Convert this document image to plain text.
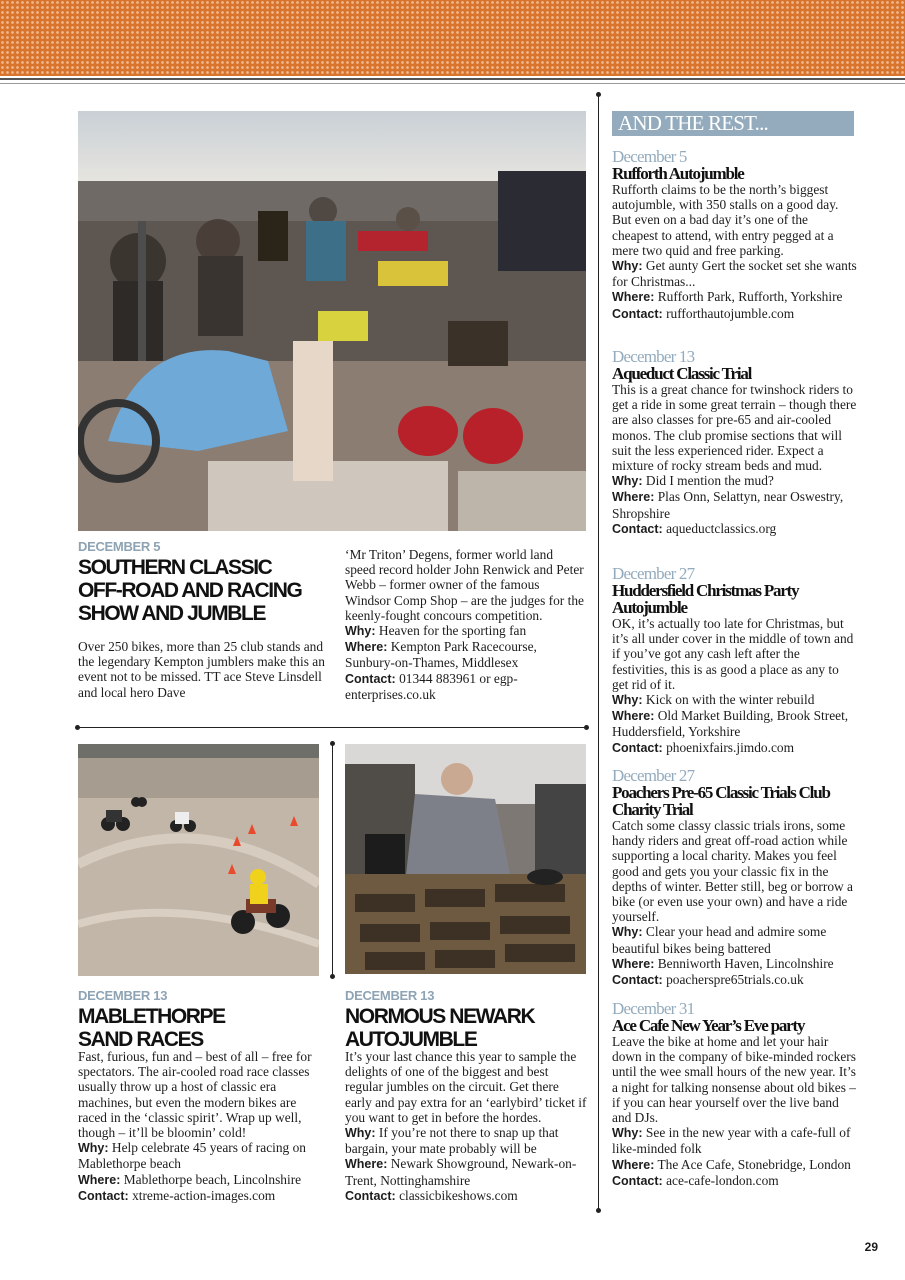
DECEMBER 5
SOUTHERN CLASSIC
OFF-ROAD AND RACING
SHOW AND JUMBLE

Over 250 bikes, more than 25 club stands and the legendary Kempton jumblers make this an event not to be missed. TT ace Steve Linsdell and local hero Dave

‘Mr Triton’ Degens, former world land speed record holder John Renwick and Peter Webb – former owner of the famous Windsor Comp Shop – are the judges for the keenly-fought concours competition.

Why: Heaven for the sporting fan

Where: Kempton Park Racecourse, Sunbury-on-Thames, Middlesex

Contact: 01344 883961 or egp-enterprises.co.uk

DECEMBER 13
MABLETHORPE
SAND RACES

Fast, furious, fun and – best of all – free for spectators. The air-cooled road race classes usually throw up a host of classic era machines, but even the modern bikes are raced in the ‘classic spirit’. Wrap up well, though – it’ll be bloomin’ cold!

Why: Help celebrate 45 years of racing on Mablethorpe beach

Where: Mablethorpe beach, Lincolnshire

Contact: xtreme-action-images.com

DECEMBER 13
NORMOUS NEWARK
AUTOJUMBLE

It’s your last chance this year to sample the delights of one of the biggest and best regular jumbles on the circuit. Get there early and pay extra for an ‘earlybird’ ticket if you want to get in before the hordes.

Why: If you’re not there to snap up that bargain, your mate probably will be

Where: Newark Showground, Newark-on-Trent, Nottinghamshire

Contact: classicbikeshows.com

AND THE REST...
December 5
Rufforth Autojumble

Rufforth claims to be the north’s biggest autojumble, with 350 stalls on a good day. But even on a bad day it’s one of the cheapest to attend, with entry pegged at a mere two quid and free parking.

Why: Get aunty Gert the socket set she wants for Christmas...

Where: Rufforth Park, Rufforth, Yorkshire

Contact: rufforthautojumble.com

December 13
Aqueduct Classic Trial

This is a great chance for twinshock riders to get a ride in some great terrain – though there are also classes for pre-65 and air-cooled monos. The club promise sections that will suit the less experienced rider. Expect a mixture of rocky stream beds and mud.

Why: Did I mention the mud?

Where: Plas Onn, Selattyn, near Oswestry, Shropshire

Contact: aqueductclassics.org

December 27
Huddersfield Christmas Party Autojumble

OK, it’s actually too late for Christmas, but it’s all under cover in the middle of town and if you’ve got any cash left after the festivities, this is as good a place as any to get rid of it.

Why: Kick on with the winter rebuild

Where: Old Market Building, Brook Street, Huddersfield, Yorkshire

Contact: phoenixfairs.jimdo.com

December 27
Poachers Pre-65 Classic Trials Club Charity Trial

Catch some classy classic trials irons, some handy riders and great off-road action while supporting a local charity. Makes you feel good and gets you your classic fix in the depths of winter. Better still, beg or borrow a bike (or even use your own) and have a ride yourself.

Why: Clear your head and admire some beautiful bikes being battered

Where: Benniworth Haven, Lincolnshire

Contact: poacherspre65trials.co.uk

December 31
Ace Cafe New Year’s Eve party

Leave the bike at home and let your hair down in the company of bike-minded rockers until the wee small hours of the new year. It’s a night for talking nonsense about old bikes – if you can hear yourself over the live band and DJs.

Why: See in the new year with a cafe-full of like-minded folk

Where: The Ace Cafe, Stonebridge, London

Contact: ace-cafe-london.com

29
